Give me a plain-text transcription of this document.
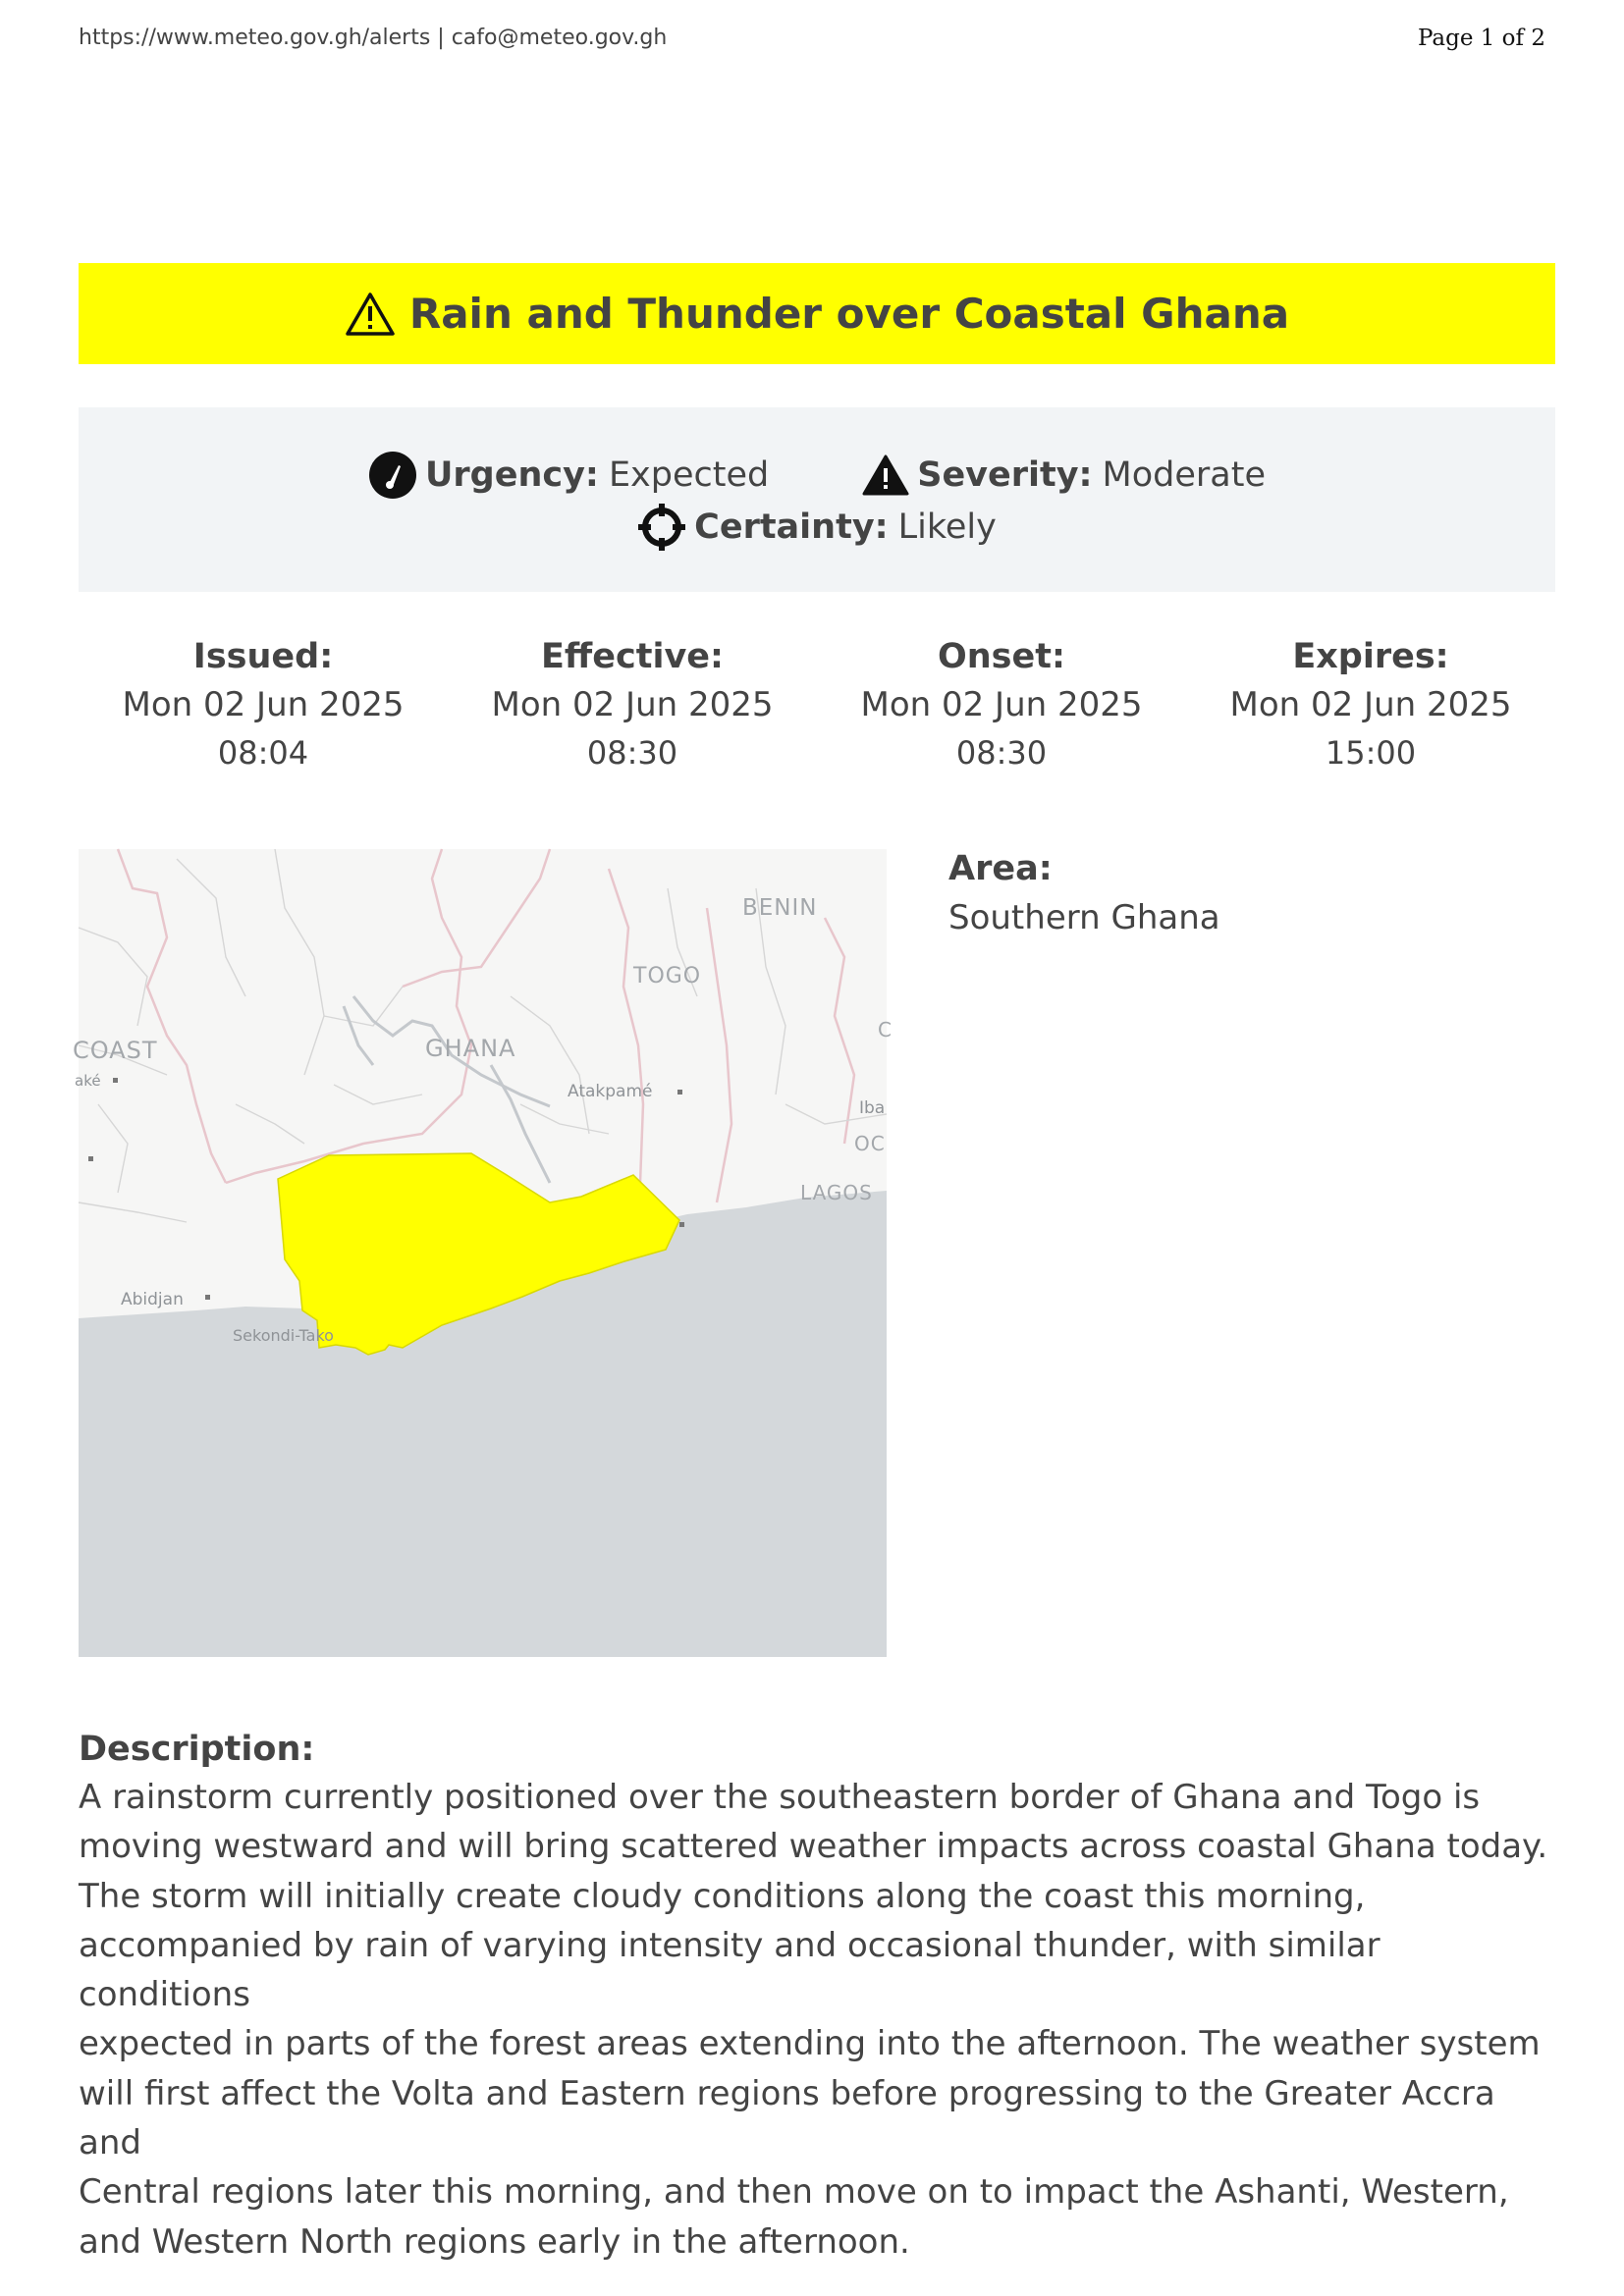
https://www.meteo.gov.gh/alerts | cafo@meteo.gov.gh	Page 1 of 2
Rain and Thunder over Coastal Ghana
Urgency: Expected	Severity: Moderate
Certainty: Likely
Issued:
Mon 02 Jun 2025
08:04
Effective:
Mon 02 Jun 2025
08:30
Onset:
Mon 02 Jun 2025
08:30
Expires:
Mon 02 Jun 2025
15:00
BENIN
TOGO
GHANA
COAST
aké
Atakpamé
Iba
OC
LAGOS
Abidjan
Sekondi-Tako
C
Area:
Southern Ghana
Description:

A rainstorm currently positioned over the southeastern border of Ghana and Togo is
moving westward and will bring scattered weather impacts across coastal Ghana today.
The storm will initially create cloudy conditions along the coast this morning,
accompanied by rain of varying intensity and occasional thunder, with similar conditions
expected in parts of the forest areas extending into the afternoon. The weather system
will first affect the Volta and Eastern regions before progressing to the Greater Accra and
Central regions later this morning, and then move on to impact the Ashanti, Western,
and Western North regions early in the afternoon.
